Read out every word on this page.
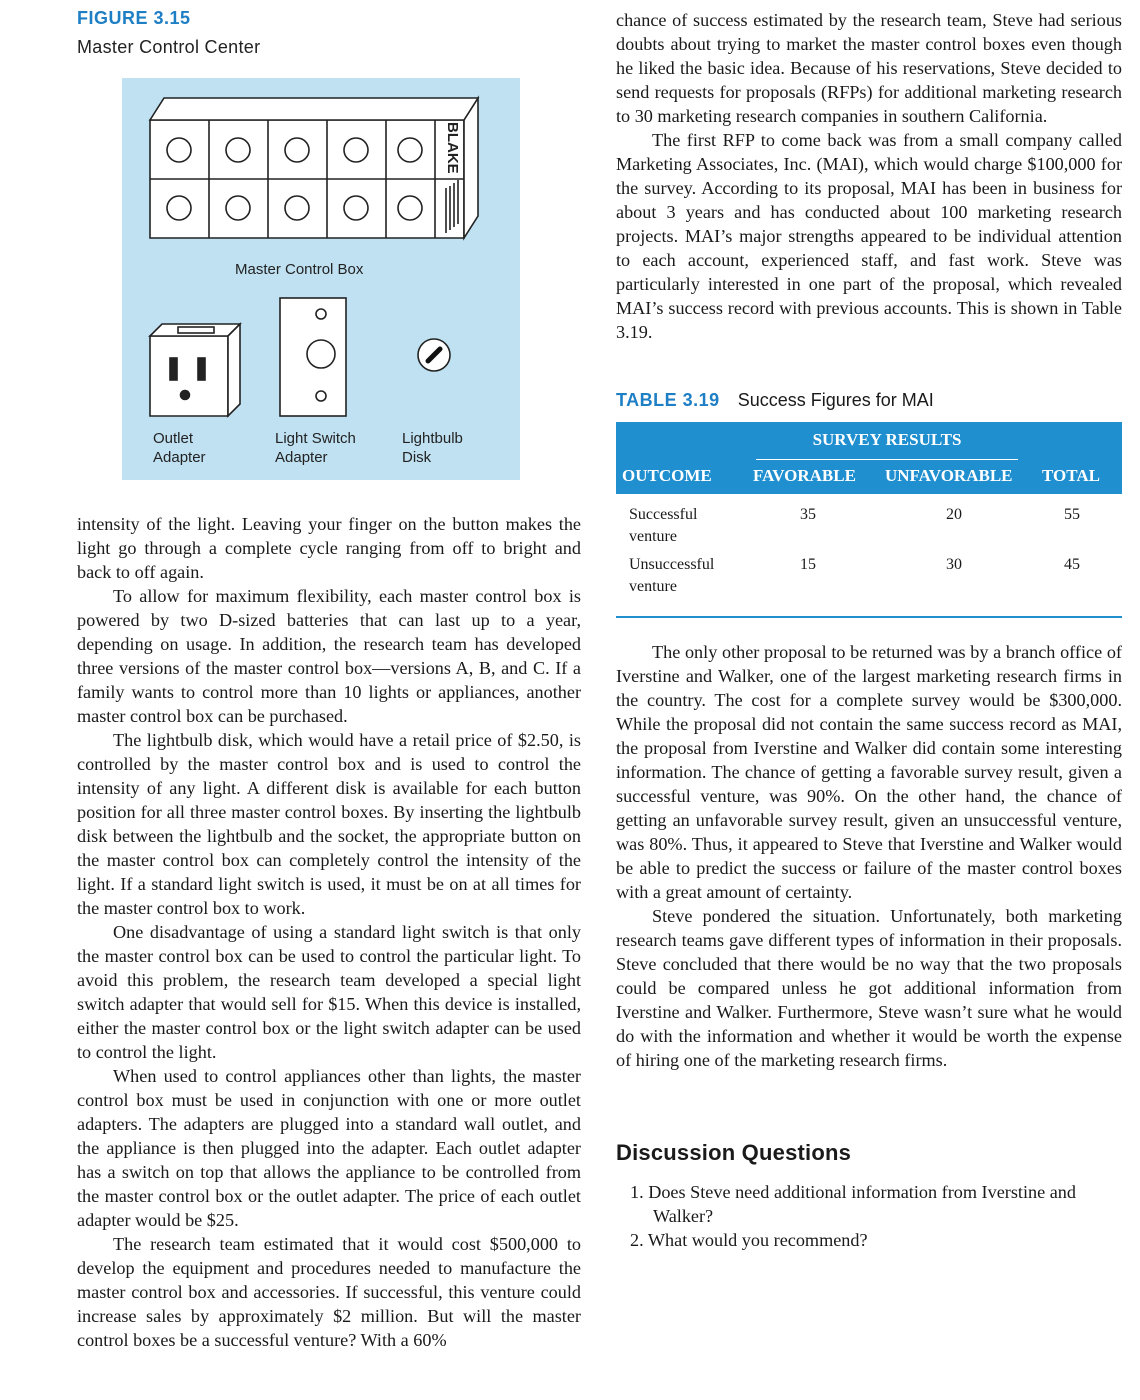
FIGURE 3.15
Master Control Center
BLAKE
Master Control Box
Outlet
Adapter
Light Switch
Adapter
Lightbulb
Disk

intensity of the light. Leaving your finger on the button makes the light go through a complete cycle ranging from off to bright and back to off again.

To allow for maximum flexibility, each master control box is powered by two D-sized batteries that can last up to a year, depending on usage. In addition, the research team has developed three versions of the master control box—versions A, B, and C. If a family wants to control more than 10 lights or appliances, another master control box can be purchased.

The lightbulb disk, which would have a retail price of $2.50, is controlled by the master control box and is used to control the intensity of any light. A different disk is available for each button position for all three master control boxes. By inserting the lightbulb disk between the lightbulb and the socket, the appropriate button on the master control box can completely control the intensity of the light. If a standard light switch is used, it must be on at all times for the master control box to work.

One disadvantage of using a standard light switch is that only the master control box can be used to control the particular light. To avoid this problem, the research team developed a special light switch adapter that would sell for $15. When this device is installed, either the master control box or the light switch adapter can be used to control the light.

When used to control appliances other than lights, the master control box must be used in conjunction with one or more outlet adapters. The adapters are plugged into a standard wall outlet, and the appliance is then plugged into the adapter. Each outlet adapter has a switch on top that allows the appliance to be controlled from the master control box or the outlet adapter. The price of each outlet adapter would be $25.

The research team estimated that it would cost $500,000 to develop the equipment and procedures needed to manufacture the master control box and accessories. If successful, this venture could increase sales by approximately $2 million. But will the master control boxes be a successful venture? With a 60%

chance of success estimated by the research team, Steve had serious doubts about trying to market the master control boxes even though he liked the basic idea. Because of his reservations, Steve decided to send requests for proposals (RFPs) for additional marketing research to 30 marketing research companies in southern California.

The first RFP to come back was from a small company called Marketing Associates, Inc. (MAI), which would charge $100,000 for the survey. According to its proposal, MAI has been in business for about 3 years and has conducted about 100 marketing research projects. MAI’s major strengths appeared to be individual attention to each account, experienced staff, and fast work. Steve was particularly interested in one part of the proposal, which revealed MAI’s success record with previous accounts. This is shown in Table 3.19.

TABLE 3.19 Success Figures for MAI
SURVEY RESULTS
OUTCOME FAVORABLE UNFAVORABLE TOTAL
Successful
venture
35	20	55
Unsuccessful
venture
15	30	45

The only other proposal to be returned was by a branch office of Iverstine and Walker, one of the largest marketing research firms in the country. The cost for a complete survey would be $300,000. While the proposal did not contain the same success record as MAI, the proposal from Iverstine and Walker did contain some interesting information. The chance of getting a favorable survey result, given a successful venture, was 90%. On the other hand, the chance of getting an unfavorable survey result, given an unsuccessful venture, was 80%. Thus, it appeared to Steve that Iverstine and Walker would be able to predict the success or failure of the master control boxes with a great amount of certainty.

Steve pondered the situation. Unfortunately, both marketing research teams gave different types of information in their proposals. Steve concluded that there would be no way that the two proposals could be compared unless he got additional information from Iverstine and Walker. Furthermore, Steve wasn’t sure what he would do with the information and whether it would be worth the expense of hiring one of the marketing research firms.

Discussion Questions
1. Does Steve need additional information from Iverstine and Walker?
2. What would you recommend?
